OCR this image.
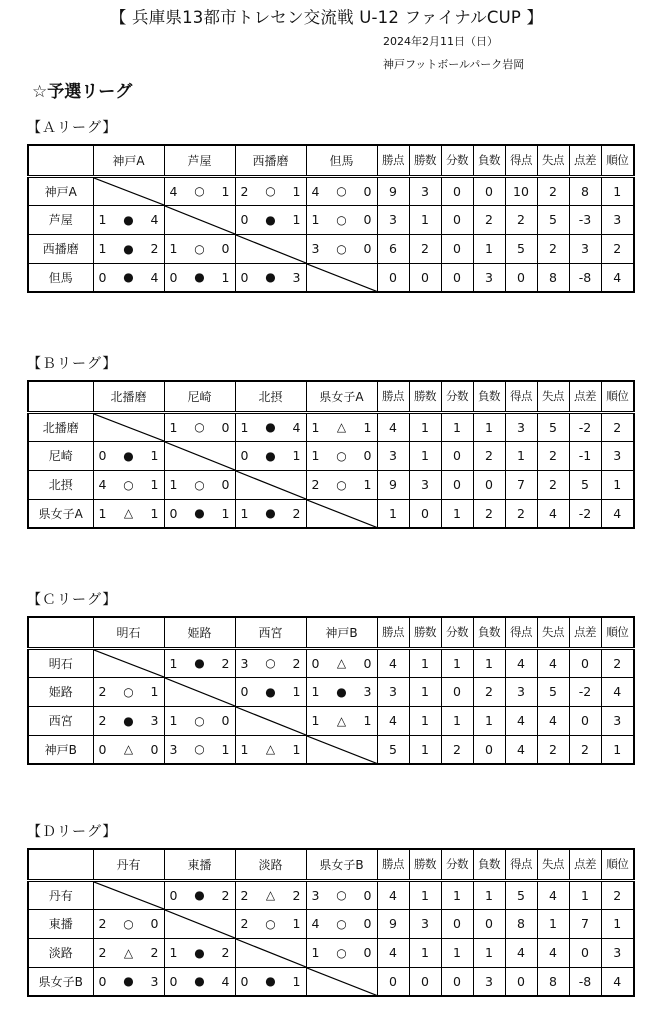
【 兵庫県13都市トレセン交流戦 U-12 ファイナルCUP 】
2024年2月11日（日）
神戸フットボールパーク岩岡
☆予選リーグ
【Ａリーグ】
	神戸A	芦屋	西播磨	但馬	勝点	勝数	分数	負数	得点	失点	点差	順位
神戸A		4 ○ 1	2 ○ 1	4 ○ 0	9	3	0	0	10	2	8	1
芦屋	1 ● 4		0 ● 1	1 ○ 0	3	1	0	2	2	5	-3	3
西播磨	1 ● 2	1 ○ 0		3 ○ 0	6	2	0	1	5	2	3	2
但馬	0 ● 4	0 ● 1	0 ● 3		0	0	0	3	0	8	-8	4
【Ｂリーグ】
	北播磨	尼崎	北摂	県女子A	勝点	勝数	分数	負数	得点	失点	点差	順位
北播磨		1 ○ 0	1 ● 4	1 △ 1	4	1	1	1	3	5	-2	2
尼崎	0 ● 1		0 ● 1	1 ○ 0	3	1	0	2	1	2	-1	3
北摂	4 ○ 1	1 ○ 0		2 ○ 1	9	3	0	0	7	2	5	1
県女子A	1 △ 1	0 ● 1	1 ● 2		1	0	1	2	2	4	-2	4
【Ｃリーグ】
	明石	姫路	西宮	神戸B	勝点	勝数	分数	負数	得点	失点	点差	順位
明石		1 ● 2	3 ○ 2	0 △ 0	4	1	1	1	4	4	0	2
姫路	2 ○ 1		0 ● 1	1 ● 3	3	1	0	2	3	5	-2	4
西宮	2 ● 3	1 ○ 0		1 △ 1	4	1	1	1	4	4	0	3
神戸B	0 △ 0	3 ○ 1	1 △ 1		5	1	2	0	4	2	2	1
【Ｄリーグ】
	丹有	東播	淡路	県女子B	勝点	勝数	分数	負数	得点	失点	点差	順位
丹有		0 ● 2	2 △ 2	3 ○ 0	4	1	1	1	5	4	1	2
東播	2 ○ 0		2 ○ 1	4 ○ 0	9	3	0	0	8	1	7	1
淡路	2 △ 2	1 ● 2		1 ○ 0	4	1	1	1	4	4	0	3
県女子B	0 ● 3	0 ● 4	0 ● 1		0	0	0	3	0	8	-8	4
